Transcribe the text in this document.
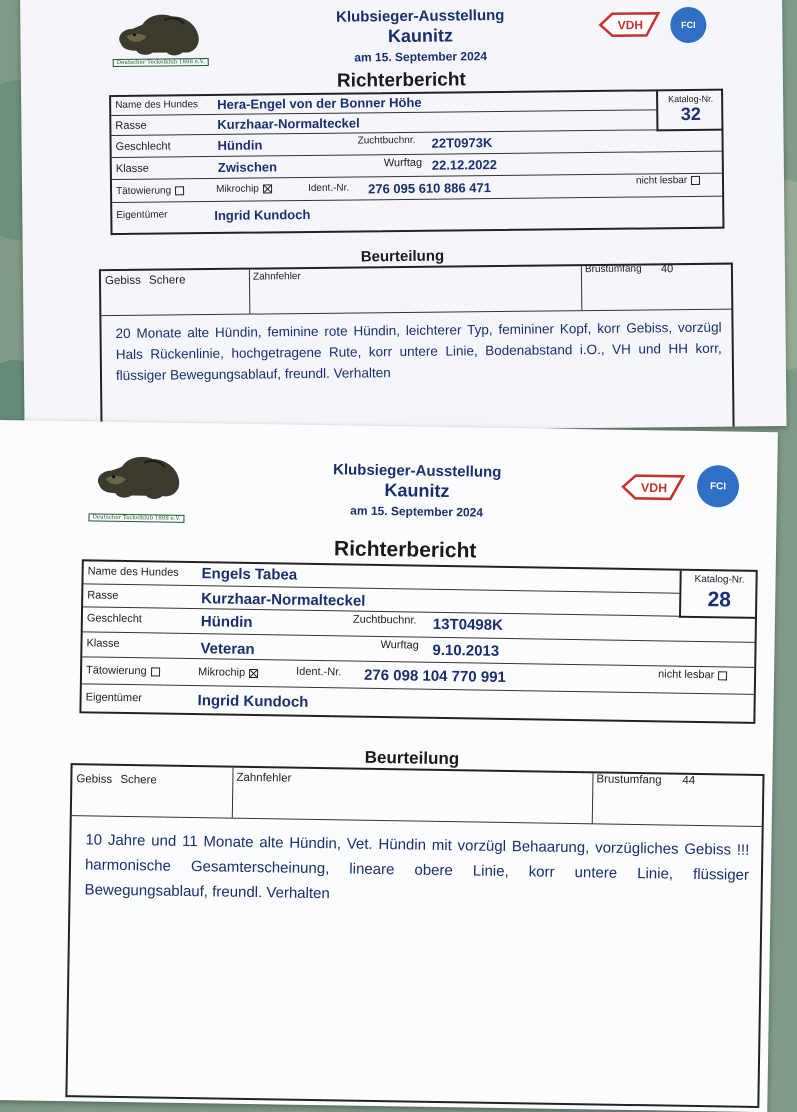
Deutscher Teckelklub 1888 e.V.
Klubsieger-Ausstellung
Kaunitz
am 15. September 2024
VDH	FCI
Richterbericht
Name des Hundes Hera-Engel von der Bonner Höhe
Rasse	Kurzhaar-Normalteckel
Geschlecht	Hündin	Zuchtbuchnr. 22T0973K
Klasse	Zwischen	Wurftag 22.12.2022
Tätowierung	Mikrochip	Ident.-Nr. 276 095 610 886 471	nicht lesbar
Eigentümer	Ingrid Kundoch
Katalog-Nr.
32
Beurteilung
Gebiss Schere	Zahnfehler
Brustumfang 40
20 Monate alte Hündin, feminine rote Hündin, leichterer Typ, femininer Kopf, korr Gebiss, vorzügl Hals Rückenlinie, hochgetragene Rute, korr untere Linie, Bodenabstand i.O., VH und HH korr, flüssiger Bewegungsablauf, freundl. Verhalten
Deutscher Teckelklub 1888 e.V.
Klubsieger-Ausstellung
Kaunitz
am 15. September 2024
VDH	FCI
Richterbericht
Name des Hundes Engels Tabea
Rasse	Kurzhaar-Normalteckel
Geschlecht	Hündin	Zuchtbuchnr. 13T0498K
Klasse	Veteran	Wurftag 9.10.2013
Tätowierung	Mikrochip	Ident.-Nr. 276 098 104 770 991	nicht lesbar
Eigentümer	Ingrid Kundoch
Katalog-Nr.
28
Beurteilung
Gebiss Schere	Zahnfehler	Brustumfang 44
10 Jahre und 11 Monate alte Hündin, Vet. Hündin mit vorzügl Behaarung, vorzügliches Gebiss !!! harmonische Gesamterscheinung, lineare obere Linie, korr untere Linie, flüssiger Bewegungsablauf, freundl. Verhalten
